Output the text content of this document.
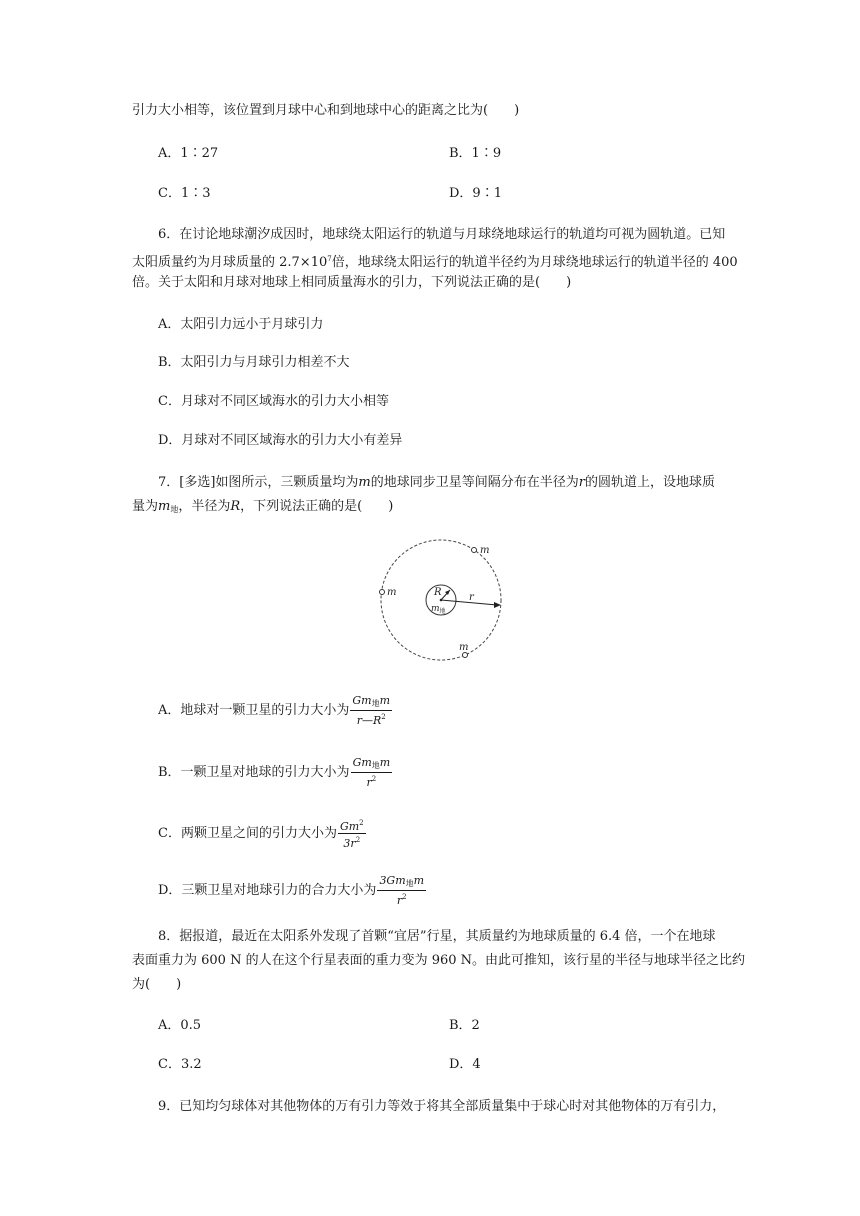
引力大小相等，该位置到月球中心和到地球中心的距离之比为(　　)
A．1∶27	B．1∶9
C．1∶3	D．9∶1
6．在讨论地球潮汐成因时，地球绕太阳运行的轨道与月球绕地球运行的轨道均可视为圆轨道。已知
太阳质量约为月球质量的 $2.7\times 10^7$倍，地球绕太阳运行的轨道半径约为月球绕地球运行的轨道半径的 400
倍。关于太阳和月球对地球上相同质量海水的引力，下列说法正确的是(　　)
A．太阳引力远小于月球引力
B．太阳引力与月球引力相差不大
C．月球对不同区域海水的引力大小相等
D．月球对不同区域海水的引力大小有差异
7．[多选]如图所示，三颗质量均为m的地球同步卫星等间隔分布在半径为r的圆轨道上，设地球质
量为$m_地$，半径为R，下列说法正确的是(　　)
m
m
m
R	r
$m_地$
A．地球对一颗卫星的引力大小为 $\frac{Gm_地m}{r—R^2}$
B．一颗卫星对地球的引力大小为 $\frac{Gm_地m}{r^2}$
C．两颗卫星之间的引力大小为 $\frac{Gm^2}{3r^2}$
D．三颗卫星对地球引力的合力大小为 $\frac{3Gm_地m}{r^2}$
8．据报道，最近在太阳系外发现了首颗“宜居”行星，其质量约为地球质量的 6.4 倍，一个在地球
表面重力为 600 N 的人在这个行星表面的重力变为 960 N。由此可推知，该行星的半径与地球半径之比约
为(　　)
A．0.5	B．2
C．3.2	D．4
9．已知均匀球体对其他物体的万有引力等效于将其全部质量集中于球心时对其他物体的万有引力，
